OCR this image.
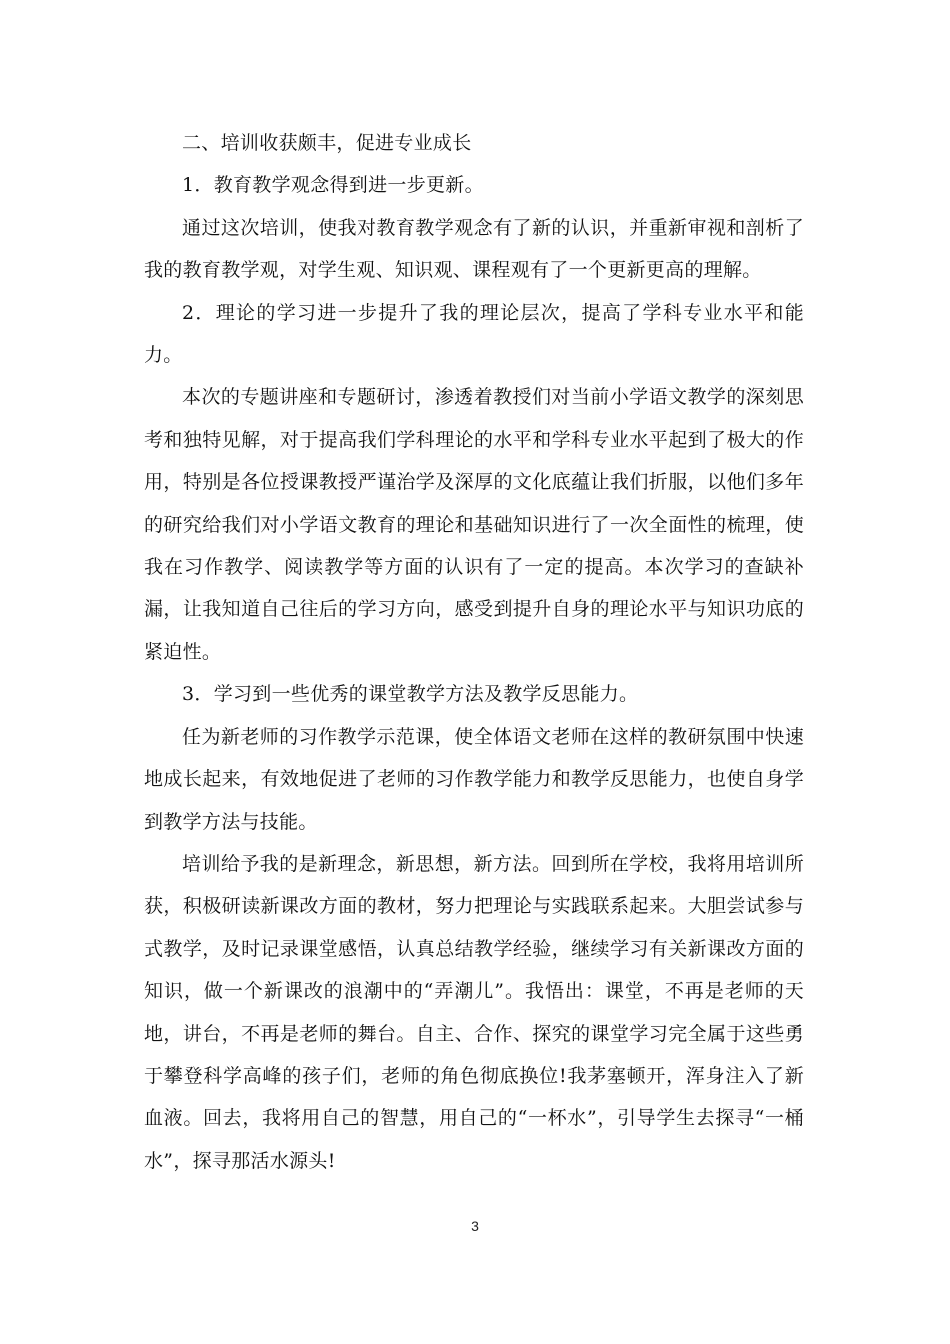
二、培训收获颇丰，促进专业成长

1．教育教学观念得到进一步更新。

通过这次培训，使我对教育教学观念有了新的认识，并重新审视和剖析了我的教育教学观，对学生观、知识观、课程观有了一个更新更高的理解。

2．理论的学习进一步提升了我的理论层次，提高了学科专业水平和能力。

本次的专题讲座和专题研讨，渗透着教授们对当前小学语文教学的深刻思考和独特见解，对于提高我们学科理论的水平和学科专业水平起到了极大的作用，特别是各位授课教授严谨治学及深厚的文化底蕴让我们折服，以他们多年的研究给我们对小学语文教育的理论和基础知识进行了一次全面性的梳理，使我在习作教学、阅读教学等方面的认识有了一定的提高。本次学习的查缺补漏，让我知道自己往后的学习方向，感受到提升自身的理论水平与知识功底的紧迫性。

3．学习到一些优秀的课堂教学方法及教学反思能力。

任为新老师的习作教学示范课，使全体语文老师在这样的教研氛围中快速地成长起来，有效地促进了老师的习作教学能力和教学反思能力，也使自身学到教学方法与技能。

培训给予我的是新理念，新思想，新方法。回到所在学校，我将用培训所获，积极研读新课改方面的教材，努力把理论与实践联系起来。大胆尝试参与式教学，及时记录课堂感悟，认真总结教学经验，继续学习有关新课改方面的知识，做一个新课改的浪潮中的“弄潮儿”。我悟出：课堂，不再是老师的天地，讲台，不再是老师的舞台。自主、合作、探究的课堂学习完全属于这些勇于攀登科学高峰的孩子们，老师的角色彻底换位!我茅塞顿开，浑身注入了新血液。回去，我将用自己的智慧，用自己的“一杯水”，引导学生去探寻“一桶水”，探寻那活水源头!

3
